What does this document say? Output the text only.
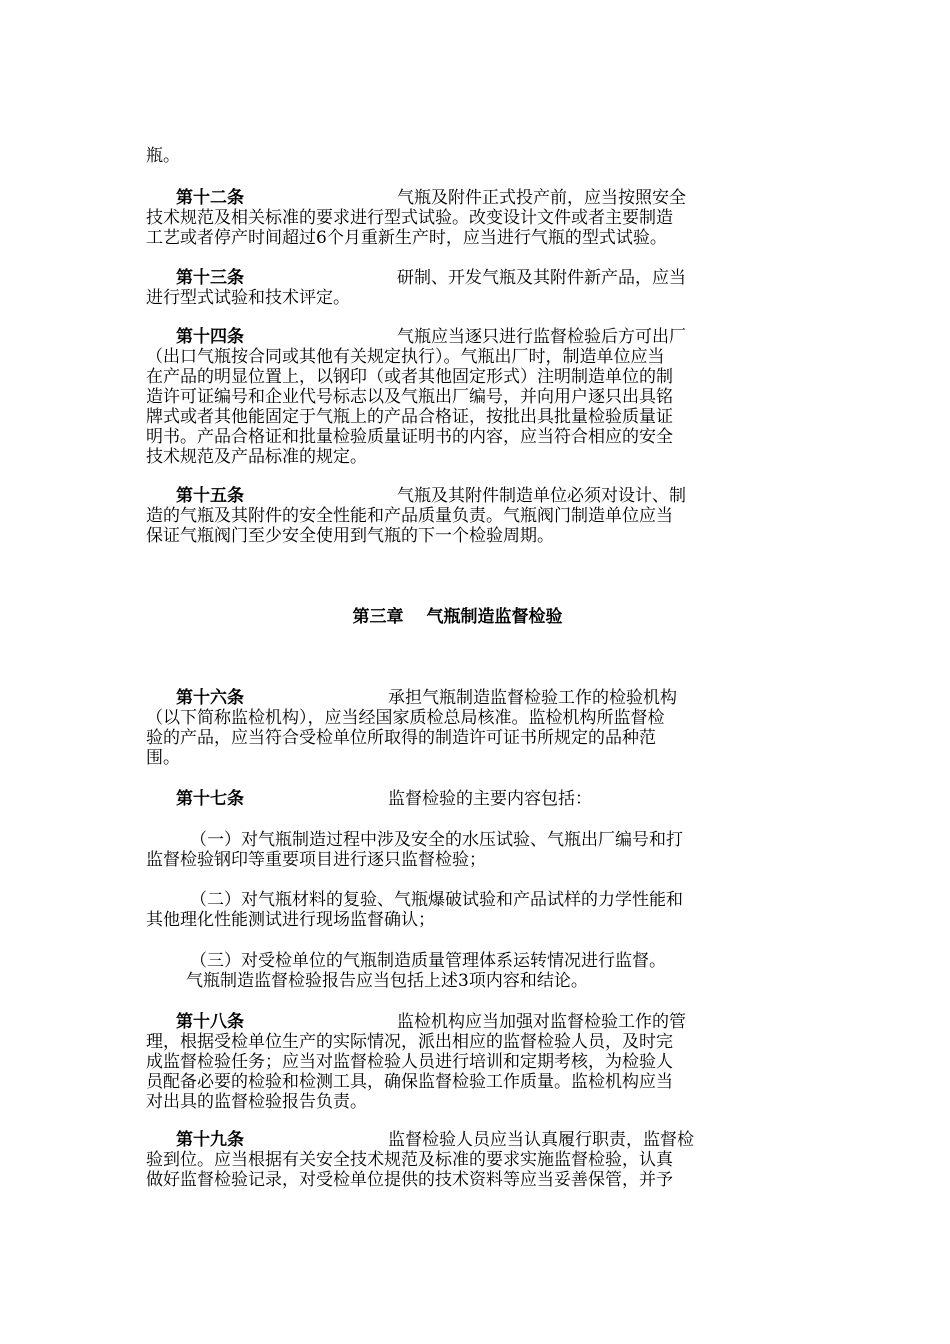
瓶。
第十二条	气瓶及附件正式投产前，应当按照安全
技术规范及相关标准的要求进行型式试验。改变设计文件或者主要制造
工艺或者停产时间超过6个月重新生产时，应当进行气瓶的型式试验。
第十三条	研制、开发气瓶及其附件新产品，应当
进行型式试验和技术评定。
第十四条	气瓶应当逐只进行监督检验后方可出厂
（出口气瓶按合同或其他有关规定执行）。气瓶出厂时，制造单位应当
在产品的明显位置上，以钢印（或者其他固定形式）注明制造单位的制
造许可证编号和企业代号标志以及气瓶出厂编号，并向用户逐只出具铭
牌式或者其他能固定于气瓶上的产品合格证，按批出具批量检验质量证
明书。产品合格证和批量检验质量证明书的内容，应当符合相应的安全
技术规范及产品标准的规定。
第十五条	气瓶及其附件制造单位必须对设计、制
造的气瓶及其附件的安全性能和产品质量负责。气瓶阀门制造单位应当
保证气瓶阀门至少安全使用到气瓶的下一个检验周期。
第三章　 气瓶制造监督检验
第十六条	承担气瓶制造监督检验工作的检验机构
（以下简称监检机构），应当经国家质检总局核准。监检机构所监督检
验的产品，应当符合受检单位所取得的制造许可证书所规定的品种范
围。
第十七条	监督检验的主要内容包括：
（一）对气瓶制造过程中涉及安全的水压试验、气瓶出厂编号和打
监督检验钢印等重要项目进行逐只监督检验；
（二）对气瓶材料的复验、气瓶爆破试验和产品试样的力学性能和
其他理化性能测试进行现场监督确认；
（三）对受检单位的气瓶制造质量管理体系运转情况进行监督。
气瓶制造监督检验报告应当包括上述3项内容和结论。
第十八条	监检机构应当加强对监督检验工作的管
理，根据受检单位生产的实际情况，派出相应的监督检验人员，及时完
成监督检验任务；应当对监督检验人员进行培训和定期考核，为检验人
员配备必要的检验和检测工具，确保监督检验工作质量。监检机构应当
对出具的监督检验报告负责。
第十九条	监督检验人员应当认真履行职责，监督检
验到位。应当根据有关安全技术规范及标准的要求实施监督检验，认真
做好监督检验记录，对受检单位提供的技术资料等应当妥善保管，并予
